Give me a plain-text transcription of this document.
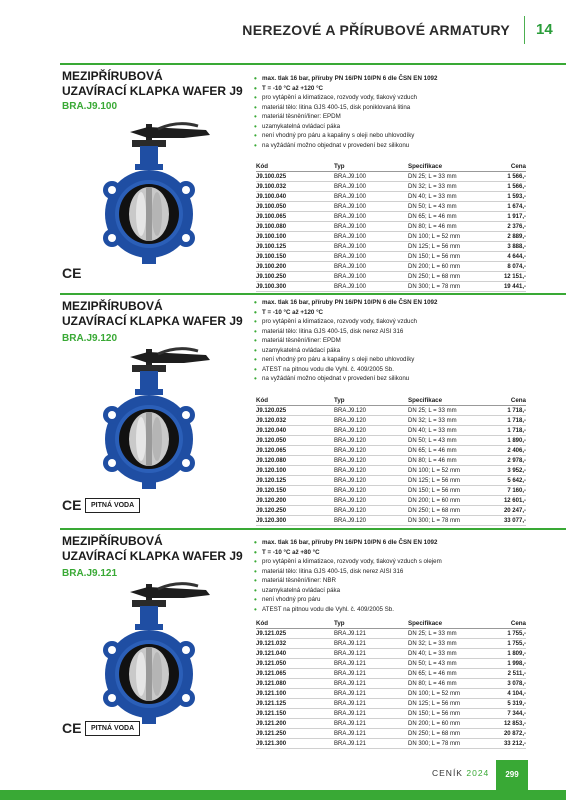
NEREZOVÉ A PŘÍRUBOVÉ ARMATURY 14
MEZIPŘÍRUBOVÁ
UZAVÍRACÍ KLAPKA WAFER J9
BRA.J9.100
CE
• max. tlak 16 bar, příruby PN 16/PN 10/PN 6 dle ČSN EN 1092
• T = -10 °C až +120 °C
• pro vytápění a klimatizace, rozvody vody, tlakový vzduch
• materiál tělo: litina GJS 400-15, disk poniklovaná litina
• materiál těsnění/liner: EPDM
• uzamykatelná ovládací páka
• není vhodný pro páru a kapaliny s oleji nebo uhlovodíky
• na vyžádání možno objednat v provedení bez silikonu
Kód	Typ	Specifikace	Cena
J9.100.025	BRA.J9.100	DN 25; L = 33 mm	1 566,-
J9.100.032	BRA.J9.100	DN 32; L = 33 mm	1 566,-
J9.100.040	BRA.J9.100	DN 40; L = 33 mm	1 593,-
J9.100.050	BRA.J9.100	DN 50; L = 43 mm	1 674,-
J9.100.065	BRA.J9.100	DN 65; L = 46 mm	1 917,-
J9.100.080	BRA.J9.100	DN 80; L = 46 mm	2 376,-
J9.100.100	BRA.J9.100	DN 100; L = 52 mm	2 889,-
J9.100.125	BRA.J9.100	DN 125; L = 56 mm	3 888,-
J9.100.150	BRA.J9.100	DN 150; L = 56 mm	4 644,-
J9.100.200	BRA.J9.100	DN 200; L = 60 mm	8 074,-
J9.100.250	BRA.J9.100	DN 250; L = 68 mm	12 151,-
J9.100.300	BRA.J9.100	DN 300; L = 78 mm	19 441,-
MEZIPŘÍRUBOVÁ
UZAVÍRACÍ KLAPKA WAFER J9
BRA.J9.120
CE	PITNÁ VODA
• max. tlak 16 bar, příruby PN 16/PN 10/PN 6 dle ČSN EN 1092
• T = -10 °C až +120 °C
• pro vytápění a klimatizace, rozvody vody, tlakový vzduch
• materiál tělo: litina GJS 400-15, disk nerez AISI 316
• materiál těsnění/liner: EPDM
• uzamykatelná ovládací páka
• není vhodný pro páru a kapaliny s oleji nebo uhlovodíky
• ATEST na pitnou vodu dle Vyhl. č. 409/2005 Sb.
• na vyžádání možno objednat v provedení bez silikonu
Kód	Typ	Specifikace	Cena
J9.120.025	BRA.J9.120	DN 25; L = 33 mm	1 718,-
J9.120.032	BRA.J9.120	DN 32; L = 33 mm	1 718,-
J9.120.040	BRA.J9.120	DN 40; L = 33 mm	1 718,-
J9.120.050	BRA.J9.120	DN 50; L = 43 mm	1 890,-
J9.120.065	BRA.J9.120	DN 65; L = 46 mm	2 406,-
J9.120.080	BRA.J9.120	DN 80; L = 46 mm	2 978,-
J9.120.100	BRA.J9.120	DN 100; L = 52 mm	3 952,-
J9.120.125	BRA.J9.120	DN 125; L = 56 mm	5 642,-
J9.120.150	BRA.J9.120	DN 150; L = 56 mm	7 160,-
J9.120.200	BRA.J9.120	DN 200; L = 60 mm	12 601,-
J9.120.250	BRA.J9.120	DN 250; L = 68 mm	20 247,-
J9.120.300	BRA.J9.120	DN 300; L = 78 mm	33 077,-
MEZIPŘÍRUBOVÁ
UZAVÍRACÍ KLAPKA WAFER J9
BRA.J9.121
CE	PITNÁ VODA
• max. tlak 16 bar, příruby PN 16/PN 10/PN 6 dle ČSN EN 1092
• T = -10 °C až +80 °C
• pro vytápění a klimatizace, rozvody vody, tlakový vzduch s olejem
• materiál tělo: litina GJS 400-15, disk nerez AISI 316
• materiál těsnění/liner: NBR
• uzamykatelná ovládací páka
• není vhodný pro páru
• ATEST na pitnou vodu dle Vyhl. č. 409/2005 Sb.
Kód	Typ	Specifikace	Cena
J9.121.025	BRA.J9.121	DN 25; L = 33 mm	1 755,-
J9.121.032	BRA.J9.121	DN 32; L = 33 mm	1 755,-
J9.121.040	BRA.J9.121	DN 40; L = 33 mm	1 809,-
J9.121.050	BRA.J9.121	DN 50; L = 43 mm	1 998,-
J9.121.065	BRA.J9.121	DN 65; L = 46 mm	2 511,-
J9.121.080	BRA.J9.121	DN 80; L = 46 mm	3 078,-
J9.121.100	BRA.J9.121	DN 100; L = 52 mm	4 104,-
J9.121.125	BRA.J9.121	DN 125; L = 56 mm	5 319,-
J9.121.150	BRA.J9.121	DN 150; L = 56 mm	7 344,-
J9.121.200	BRA.J9.121	DN 200; L = 60 mm	12 853,-
J9.121.250	BRA.J9.121	DN 250; L = 68 mm	20 872,-
J9.121.300	BRA.J9.121	DN 300; L = 78 mm	33 212,-
CENÍK 2024	299
